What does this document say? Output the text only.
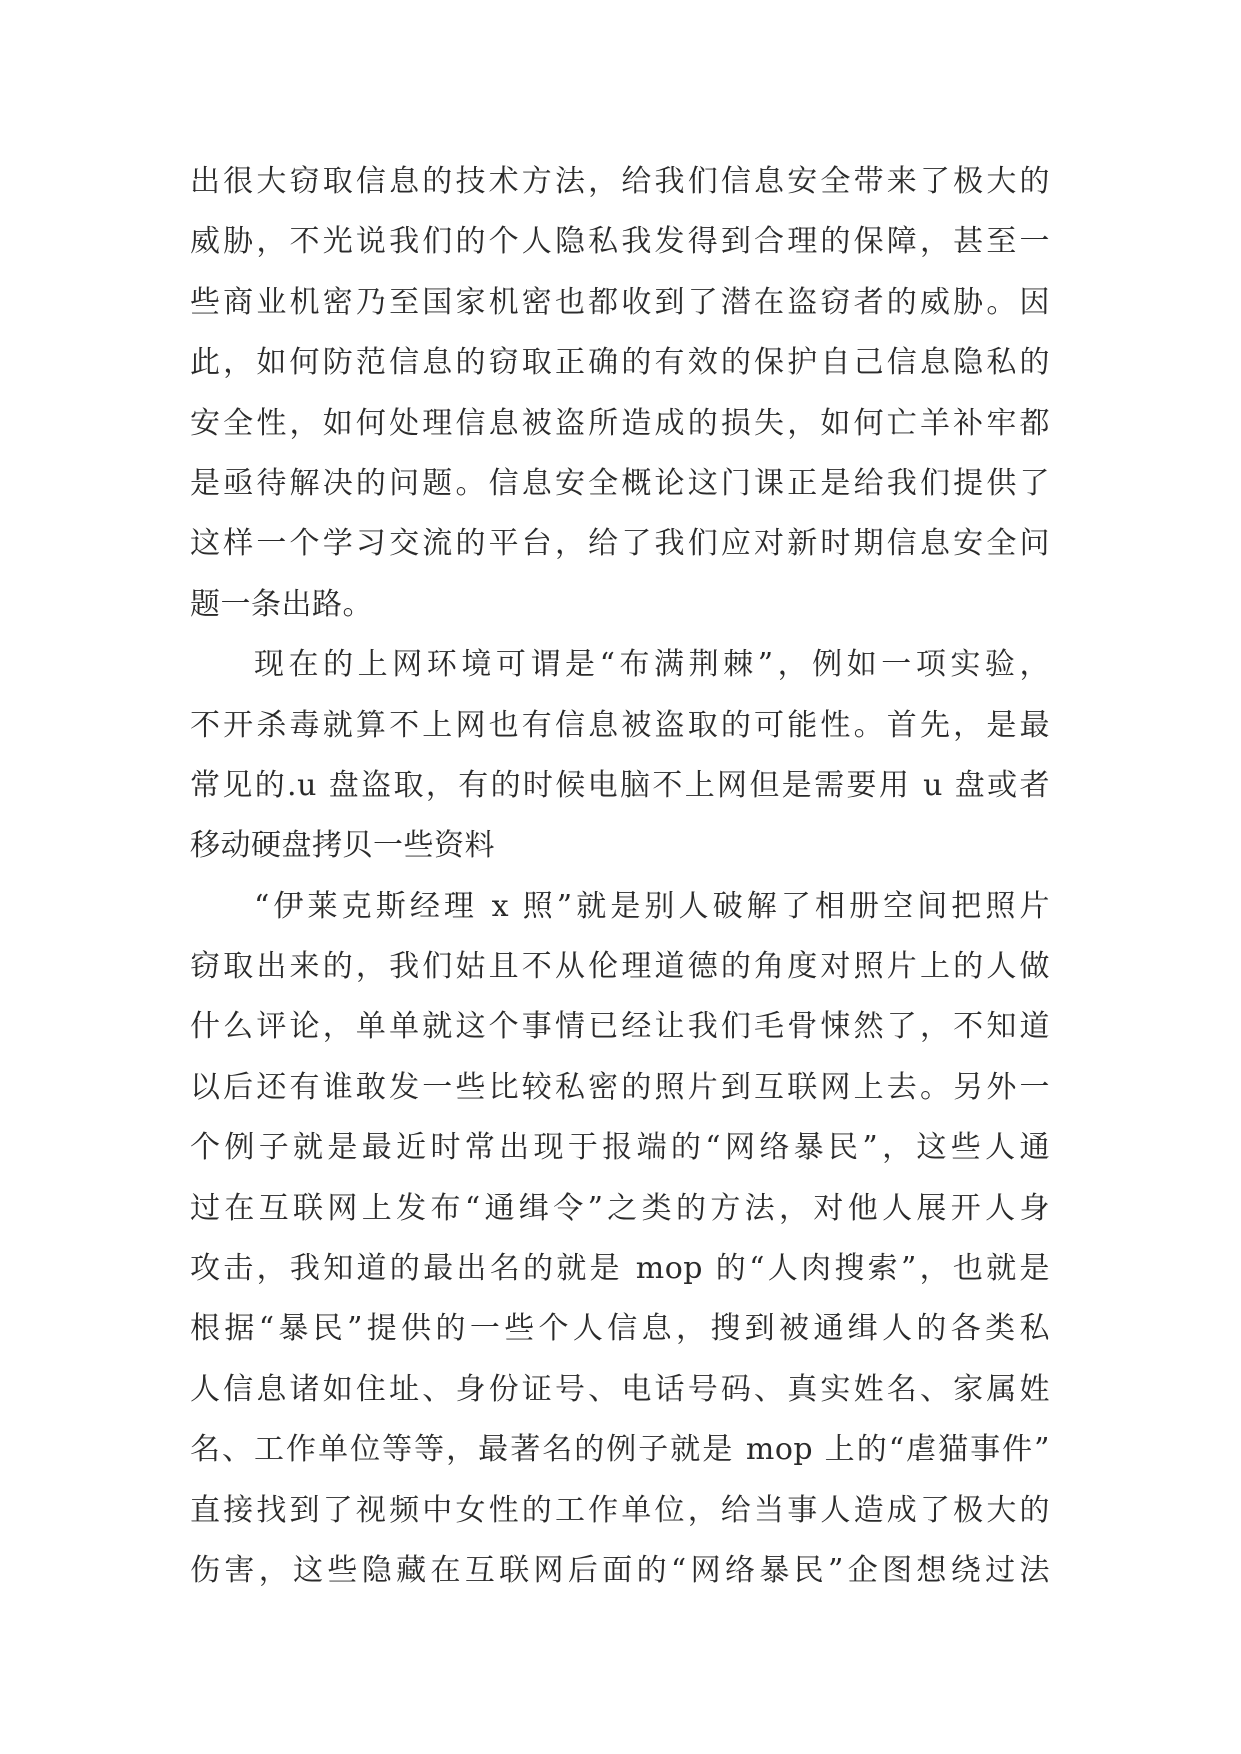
出很大窃取信息的技术方法，给我们信息安全带来了极大的
威胁，不光说我们的个人隐私我发得到合理的保障，甚至一
些商业机密乃至国家机密也都收到了潜在盗窃者的威胁。因
此，如何防范信息的窃取正确的有效的保护自己信息隐私的
安全性，如何处理信息被盗所造成的损失，如何亡羊补牢都
是亟待解决的问题。信息安全概论这门课正是给我们提供了
这样一个学习交流的平台，给了我们应对新时期信息安全问
题一条出路。
现在的上网环境可谓是“布满荆棘”，例如一项实验，
不开杀毒就算不上网也有信息被盗取的可能性。首先，是最
常见的.u 盘盗取，有的时候电脑不上网但是需要用 u 盘或者
移动硬盘拷贝一些资料
“伊莱克斯经理 x 照”就是别人破解了相册空间把照片
窃取出来的，我们姑且不从伦理道德的角度对照片上的人做
什么评论，单单就这个事情已经让我们毛骨悚然了，不知道
以后还有谁敢发一些比较私密的照片到互联网上去。另外一
个例子就是最近时常出现于报端的“网络暴民”，这些人通
过在互联网上发布“通缉令”之类的方法，对他人展开人身
攻击，我知道的最出名的就是 mop 的“人肉搜索”，也就是
根据“暴民”提供的一些个人信息，搜到被通缉人的各类私
人信息诸如住址、身份证号、电话号码、真实姓名、家属姓
名、工作单位等等，最著名的例子就是 mop 上的“虐猫事件”
直接找到了视频中女性的工作单位，给当事人造成了极大的
伤害，这些隐藏在互联网后面的“网络暴民”企图想绕过法
